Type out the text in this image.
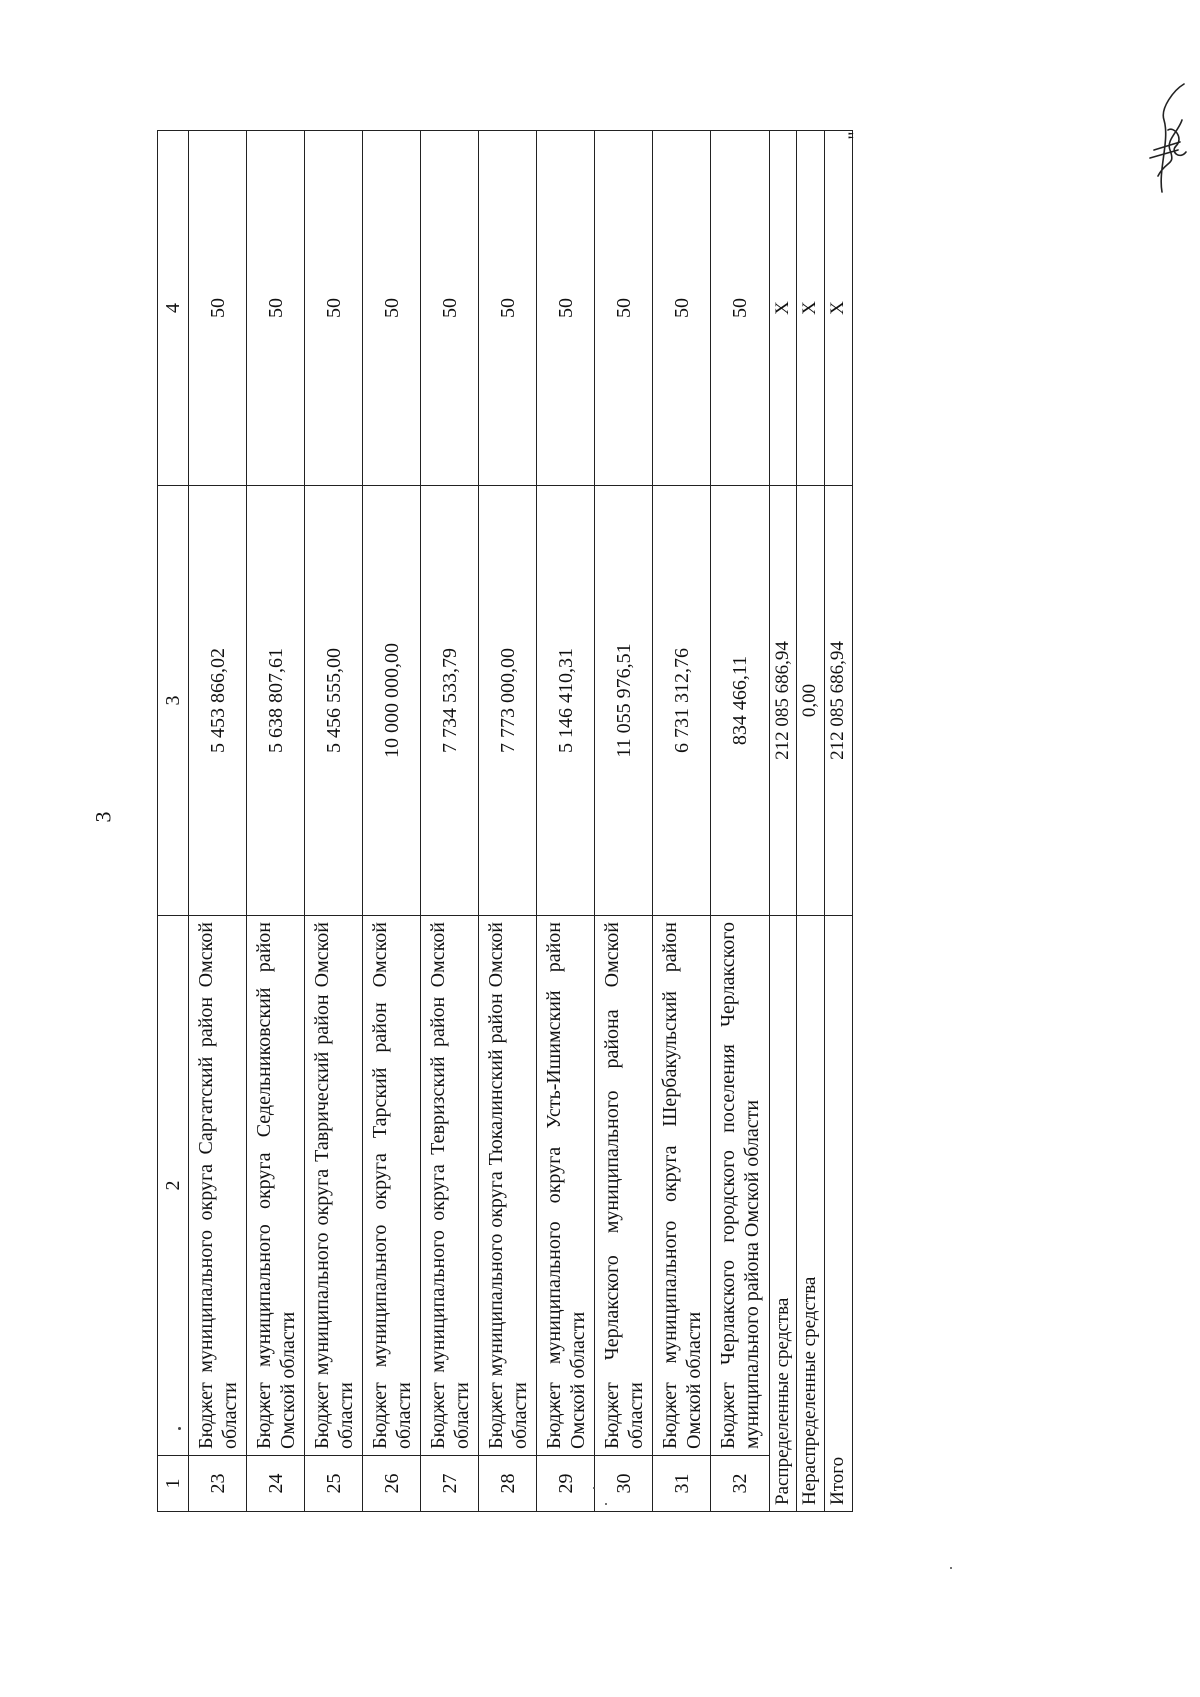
3
1	2	3	4
23	Бюджет муниципального округа Саргатский район Омской области	5 453 866,02	50
24	Бюджет муниципального округа Седельниковский район Омской области	5 638 807,61	50
25	Бюджет муниципального округа Таврический район Омской области	5 456 555,00	50
26	Бюджет муниципального округа Тарский район Омской области	10 000 000,00	50
27	Бюджет муниципального округа Тевризский район Омской области	7 734 533,79	50
28	Бюджет муниципального округа Тюкалинский район Омской области	7 773 000,00	50
29	Бюджет муниципального округа Усть-Ишимский район Омской области	5 146 410,31	50
30	Бюджет Черлакского муниципального района Омской области	11 055 976,51	50
31	Бюджет муниципального округа Шербакульский район Омской области	6 731 312,76	50
32	Бюджет Черлакского городского поселения Черлакского муниципального района Омской области	834 466,11	50
Распределенные средства		212 085 686,94	Х
Нераспределенные средства		0,00	Х
Итого		212 085 686,94	Х
"
